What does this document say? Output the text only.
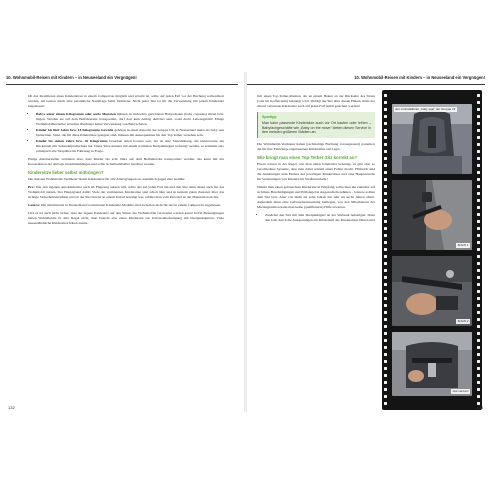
10. Wohnmobil-Reisen mit Kindern – in Neuseeland ein Vergnügen!

Ob das Installieren eines Kindersitzes in einem Campervan möglich und erlaubt ist, sollte auf jeden Fall vor der Buchung recherchiert werden, am besten durch eine persönliche Nachfrage beim Vermieter. Nicht jeder Sitz ist für die Verwendung mit jedem Kindersitz zugelassen!

• Babys unter einem Kilogramm oder sechs Monaten müssen in rückwärts gerichteten Babyschalen (baby capsules) sitzen bzw. liegen. Werden sie auf dem Beifahrersitz transportiert, darf dort kein Airbag aktiviert sein, sonst droht Lebensgefahr! Einige Wohnmobilhersteller erlauben überhaupt keine Verwendung von Babyschalen.
• Kinder bis fünf Jahre bzw. 18 Kilogramm Gewicht gehören in einen Autositz der Gruppe I/II, in Neuseeland meist als baby seat bezeichnet. Sitze, die für diese Kindersitze geeignet sind, müssen mit Ankerpunkten für den Top Tether versehen sein.
• Kinder bis sieben Jahre bzw. 26 Kilogramm brauchen einen booster seat, der ist eine Sitzerhöhung, die idealerweise ein Rückenteil mit Seitenaufprallschutz hat. Diese Sitze können mit einem normalen Dreipunktegurt befestigt werden, es kommen also prinzipiell alle Sitzplätze im Fahrzeug in Frage.

Einige Autohersteller verbieten aber, dass Kinder bis acht Jahre auf dem Beifahrersitz transportiert werden, das kann mit der Konstruktion der Airbags zusammenhängen und sollte sicherheitshalber beachtet werden.

Kindersitze lieber selbst mitbringen?

Die meisten Wohnmobil-Vermieter bieten Kindersitze für alle Altersgruppen an, zusätzlich gegen eine Gebühr.

Pro: Wer den eigenen Autokindersitz auch im Flugzeug nutzen will, sollte das auf jeden Fall tun und den Sitz dann direkt auch für das Wohnmobil nutzen. Der Hauptgrund dafür: Viele der vermieteten Kindersitze sind schon älter und in keinem guten Zustand, über das richtige Sicherheitszertifikat und ob der Sitz bereits an einem Unfall beteiligt war, erfährt man vom Personal an der Mietstation nichts.

Contra: Die allermeisten in Deutschland vertriebenen Kindersitz-Modelle sind zwischen nicht für uns in einem Campervan zugelassen.

Und es ist auch nicht sicher, dass der eigene Kindersitz auf den Sitzen des Wohnmobils verwendet werden kann! Isofix-Befestigungen haben Wohnmobile in aller Regel nicht, man braucht also einen Kindersitz zur Universalbefestigung mit Dreipunktgurten. Viele neuseeländische Kindersitze haben zusätz-

132
10. Wohnmobil-Reisen mit Kindern – in Neuseeland ein Vergnügen!

lich einen Top-Tether-Riemen, der an einem Haken an der Rückseite des Sitzes (oder im Kofferraum) befestigt wird. Verfügt der Sitz über diesen Haken, muss der darauf vertretene Kindersitz auch auf jeden Fall damit gesichert werden!

Spartipp
Man kann passende Kindersitze auch vor Ort kaufen oder leihen – Babyfachgeschäfte wie „Baby on the move“ bieten diesen Service in den meisten größeren Städten an.

Die Wohnmobil-Vermieter haben (rechtzeitige Buchung vorausgesetzt) garantiert die für ihre Fahrzeuge zugelassenen Kindersitze auf Lager.

Wie bringt man einen Top-Tether-Sitz korrekt an?

Eltern wissen in der Regel, wie man einen Kindersitz befestigt, es gibt aber so verschiedene Systeme, dass man dabei schnell einen Fehler macht. Hilfreich sind die Anleitungen zum Einbau des jeweiligen Kindersitzes und eine Hauptursache für Verletzungen von Kindern im Straßenverkehr!

Nimmt man einen gebrauchten Kindersitz in Empfang, sollte man ihn zunächst auf sichtbare Beschädigungen und Prüfsiegel in Augenschein nehmen – letztere sollten dem Sitz bzw. Alter von mehr als zehn Jahren nur sehr als sechs Jahren altern. Außerdem muss eine Gebrauchsanweisung beiliegen, von den Mitarbeitern der Mietsugestation kann man keine (qualifizierte) Hilfe erwarten.

• Zunächst den Sitz mit dem Dreipunktgurt an der Sitzbank befestigen: Dazu den Gurt durch die Aussparungen am Rückenteil des Kindersitzes führen und
Ein vorinstallierter „baby seat“ der Gruppe I/II
Schritt 1
Schritt 2
Gut verzurrt
133
